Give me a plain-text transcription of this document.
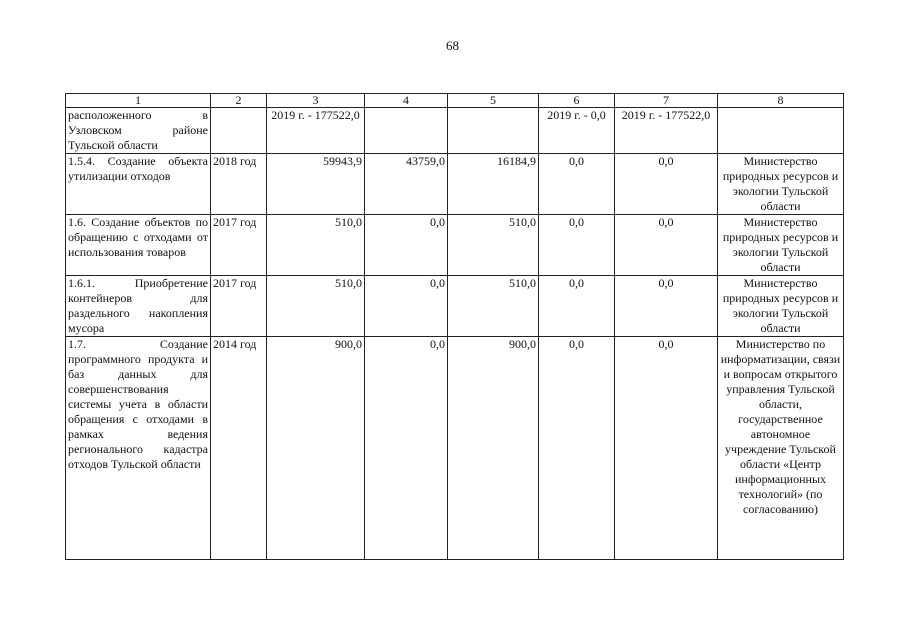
68
1	2	3	4	5	6	7	8
расположенного в Узловском районе Тульской области		2019 г. - 177522,0			2019 г. - 0,0	2019 г. - 177522,0	
1.5.4. Создание объекта утилизации отходов	2018 год	59943,9	43759,0	16184,9	0,0	0,0	Министерство природных ресурсов и экологии Тульской области
1.6. Создание объектов по обращению с отходами от использования товаров	2017 год	510,0	0,0	510,0	0,0	0,0	Министерство природных ресурсов и экологии Тульской области
1.6.1. Приобретение контейнеров для раздельного накопления мусора	2017 год	510,0	0,0	510,0	0,0	0,0	Министерство природных ресурсов и экологии Тульской области
1.7. Создание программного продукта и баз данных для совершенствования системы учета в области обращения с отходами в рамках ведения регионального кадастра отходов Тульской области	2014 год	900,0	0,0	900,0	0,0	0,0	Министерство по информатизации, связи и вопросам открытого управления Тульской области, государственное автономное учреждение Тульской области «Центр информационных технологий» (по согласованию)
